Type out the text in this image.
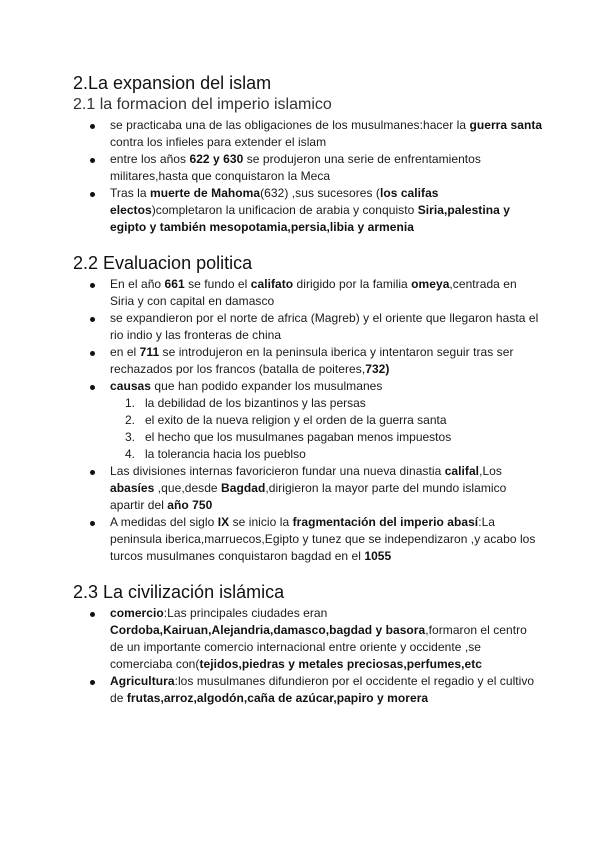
2.La expansion del islam
2.1 la formacion del imperio islamico
se practicaba una de las obligaciones de los musulmanes:hacer la guerra santa contra los infieles para extender el islam
entre los años 622 y 630 se produjeron una serie de enfrentamientos militares,hasta que conquistaron la Meca
Tras la muerte de Mahoma(632) ,sus sucesores (los califas electos)completaron la unificacion de arabia y conquisto Siria,palestina y egipto y también mesopotamia,persia,libia y armenia
2.2 Evaluacion politica
En el año 661 se fundo el califato dirigido por la familia omeya,centrada en Siria y con capital en damasco
se expandieron por el norte de africa (Magreb) y el oriente que llegaron hasta el rio indio y las fronteras de china
en el 711 se introdujeron en la peninsula iberica y intentaron seguir tras ser rechazados por los francos (batalla de poiteres,732)
causas que han podido expander los musulmanes
1. la debilidad de los bizantinos y las persas
2. el exito de la nueva religion y el orden de la guerra santa
3. el hecho que los musulmanes pagaban menos impuestos
4. la tolerancia hacia los pueblso
Las divisiones internas favoricieron fundar una nueva dinastia califal,Los abasíes ,que,desde Bagdad,dirigieron la mayor parte del mundo islamico apartir del año 750
A medidas del siglo IX se inicio la fragmentación del imperio abasí:La peninsula iberica,marruecos,Egipto y tunez que se independizaron ,y acabo los turcos musulmanes conquistaron bagdad en el 1055
2.3 La civilización islámica
comercio:Las principales ciudades eran Cordoba,Kairuan,Alejandria,damasco,bagdad y basora,formaron el centro de un importante comercio internacional entre oriente y occidente ,se comerciaba con(tejidos,piedras y metales preciosas,perfumes,etc
Agricultura:los musulmanes difundieron por el occidente el regadio y el cultivo de frutas,arroz,algodón,caña de azúcar,papiro y morera
